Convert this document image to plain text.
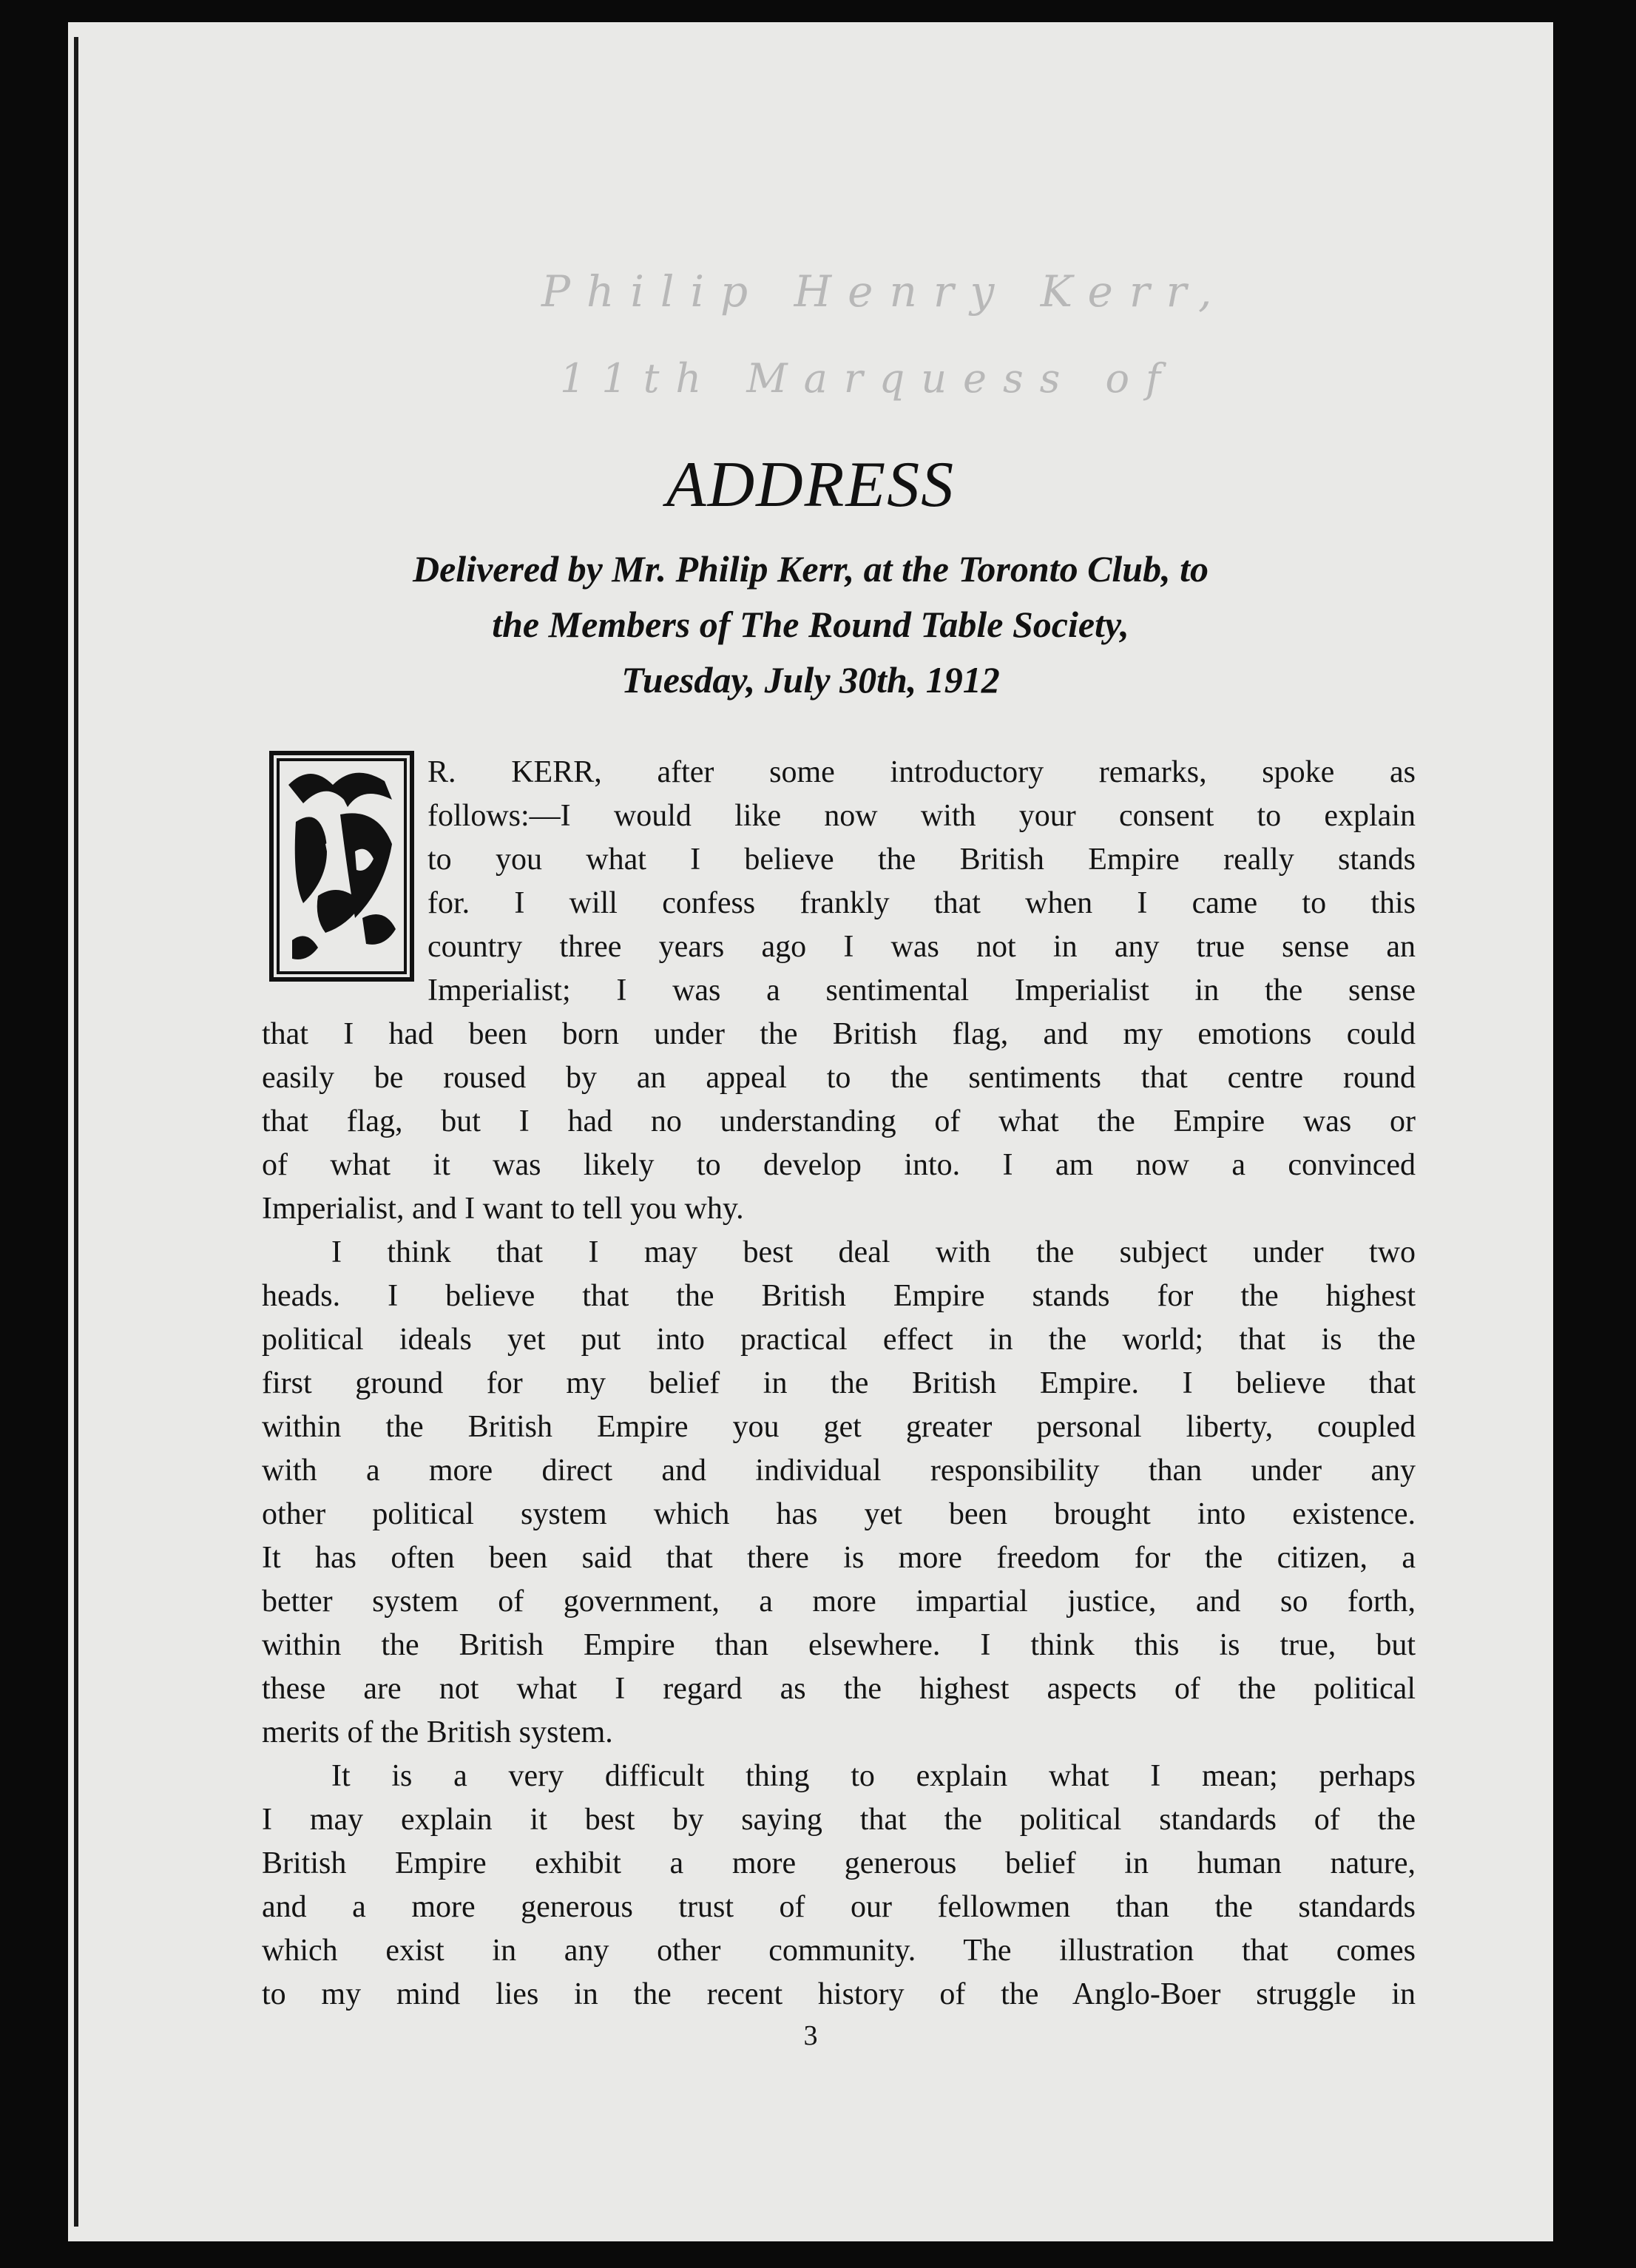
Philip Henry Kerr,
11th Marquess of
ADDRESS
Delivered by Mr. Philip Kerr, at the Toronto Club, to
the Members of The Round Table Society,
Tuesday, July 30th, 1912
R. KERR, after some introductory remarks, spoke as
follows:—I would like now with your consent to explain
to you what I believe the British Empire really stands
for. I will confess frankly that when I came to this
country three years ago I was not in any true sense an
Imperialist; I was a sentimental Imperialist in the sense
that I had been born under the British flag, and my emotions could
easily be roused by an appeal to the sentiments that centre round
that flag, but I had no understanding of what the Empire was or
of what it was likely to develop into. I am now a convinced
Imperialist, and I want to tell you why.
I think that I may best deal with the subject under two
heads. I believe that the British Empire stands for the highest
political ideals yet put into practical effect in the world; that is the
first ground for my belief in the British Empire. I believe that
within the British Empire you get greater personal liberty, coupled
with a more direct and individual responsibility than under any
other political system which has yet been brought into existence.
It has often been said that there is more freedom for the citizen, a
better system of government, a more impartial justice, and so forth,
within the British Empire than elsewhere. I think this is true, but
these are not what I regard as the highest aspects of the political
merits of the British system.
It is a very difficult thing to explain what I mean; perhaps
I may explain it best by saying that the political standards of the
British Empire exhibit a more generous belief in human nature,
and a more generous trust of our fellowmen than the standards
which exist in any other community. The illustration that comes
to my mind lies in the recent history of the Anglo-Boer struggle in
3
